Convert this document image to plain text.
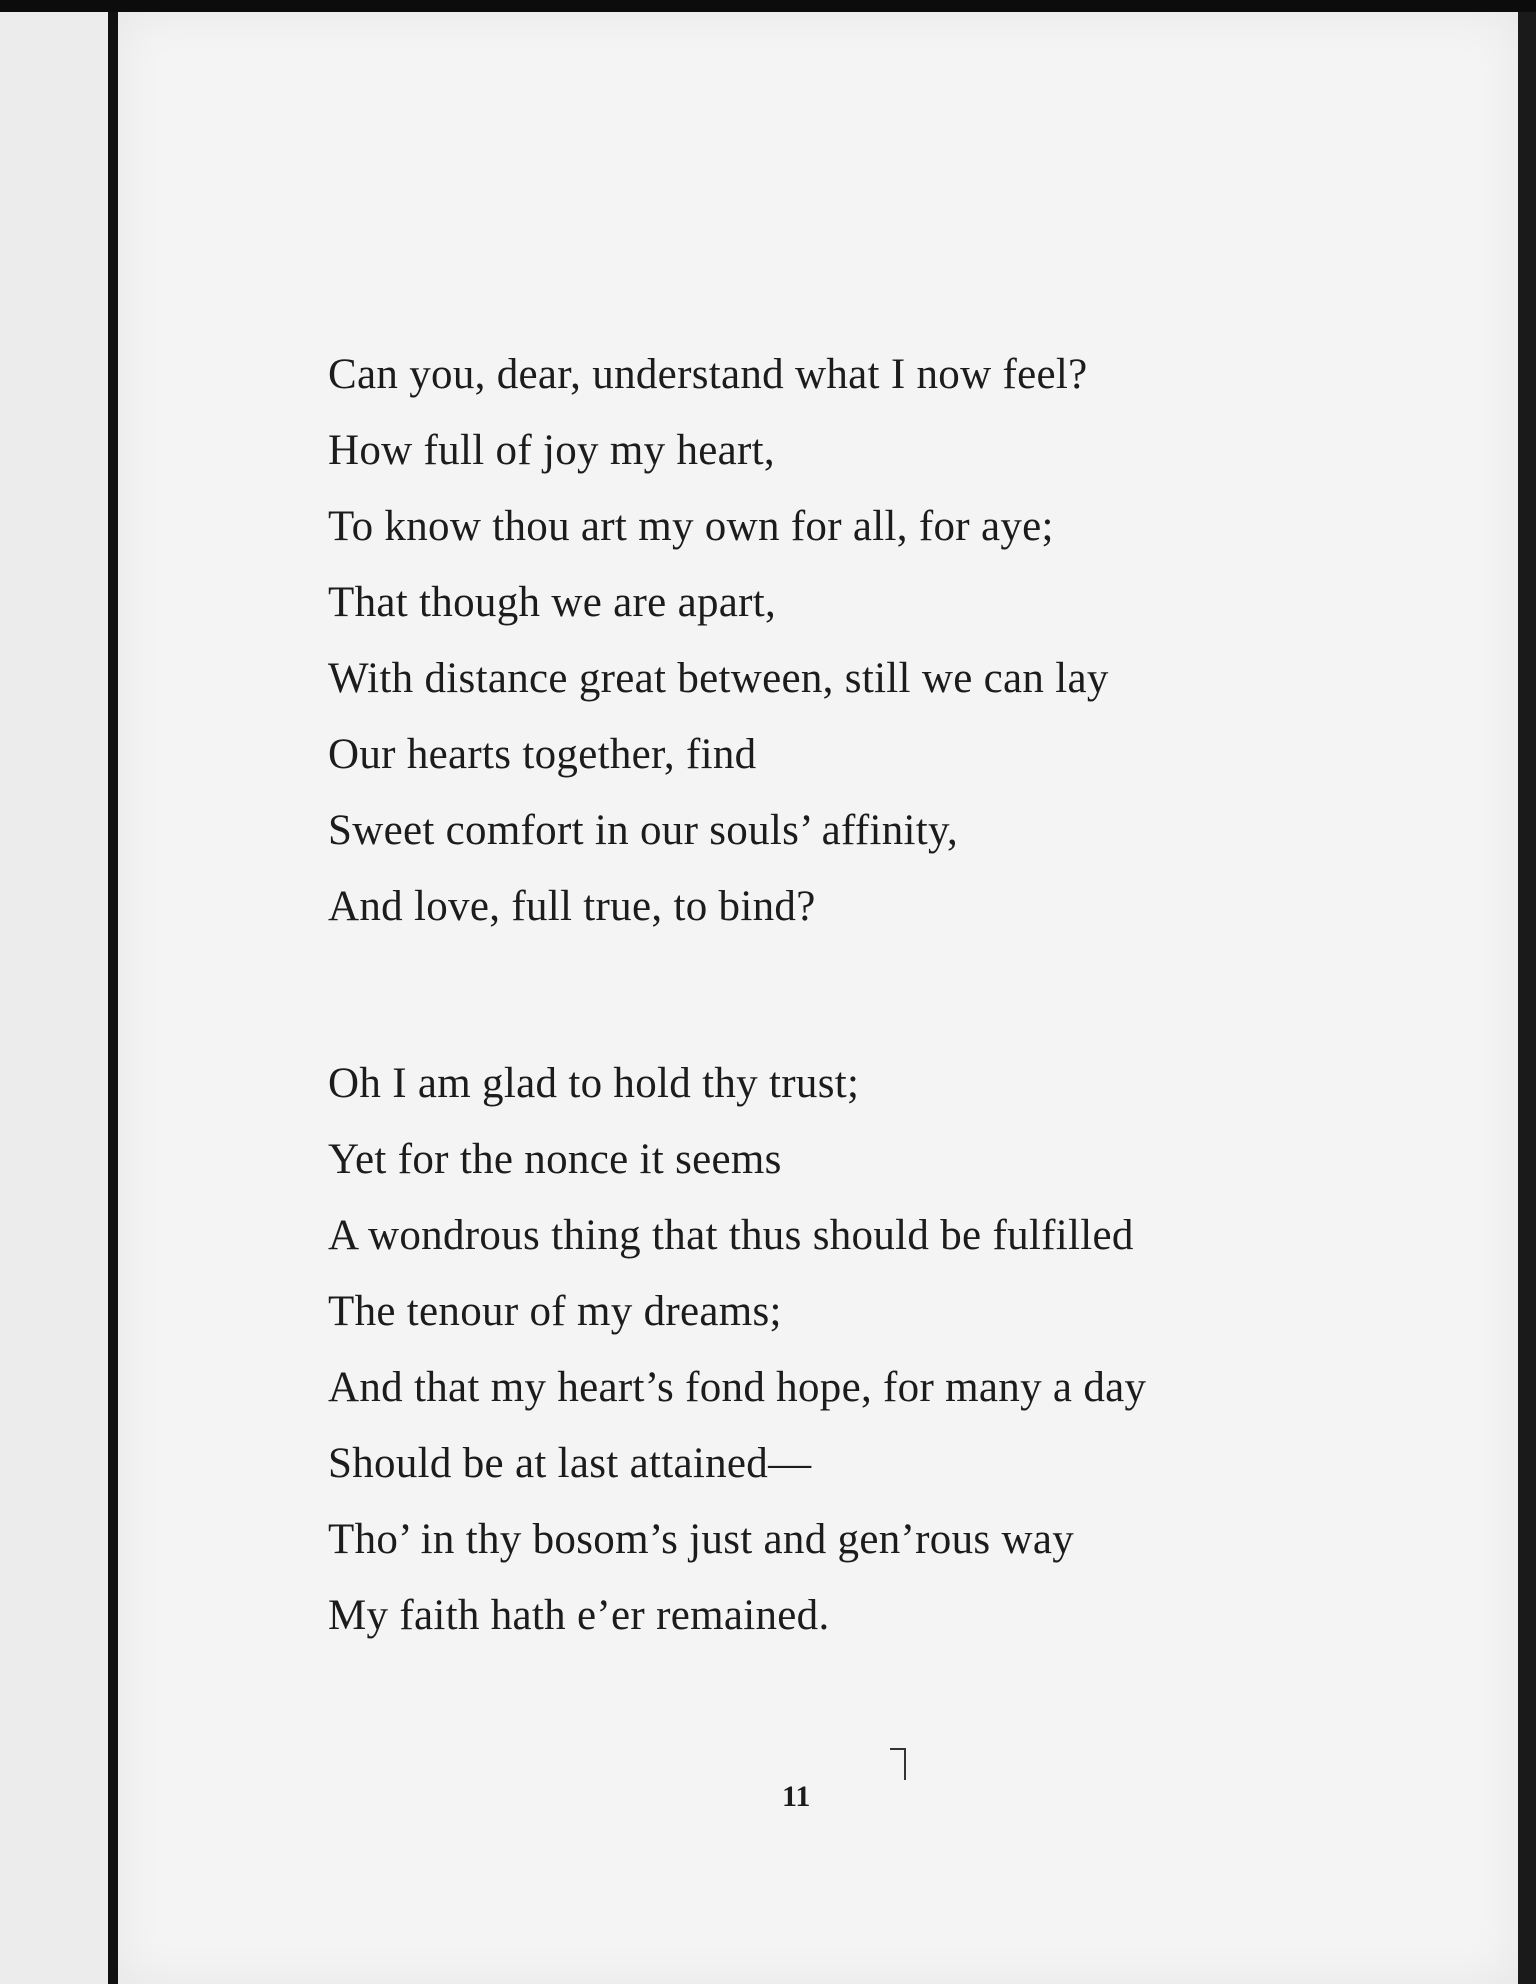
Can you, dear, understand what I now feel?
How full of joy my heart,
To know thou art my own for all, for aye;
That though we are apart,
With distance great between, still we can lay
Our hearts together, find
Sweet comfort in our souls’ affinity,
And love, full true, to bind?
Oh I am glad to hold thy trust;
Yet for the nonce it seems
A wondrous thing that thus should be fulfilled
The tenour of my dreams;
And that my heart’s fond hope, for many a day
Should be at last attained—
Tho’ in thy bosom’s just and gen’rous way
My faith hath e’er remained.
11
